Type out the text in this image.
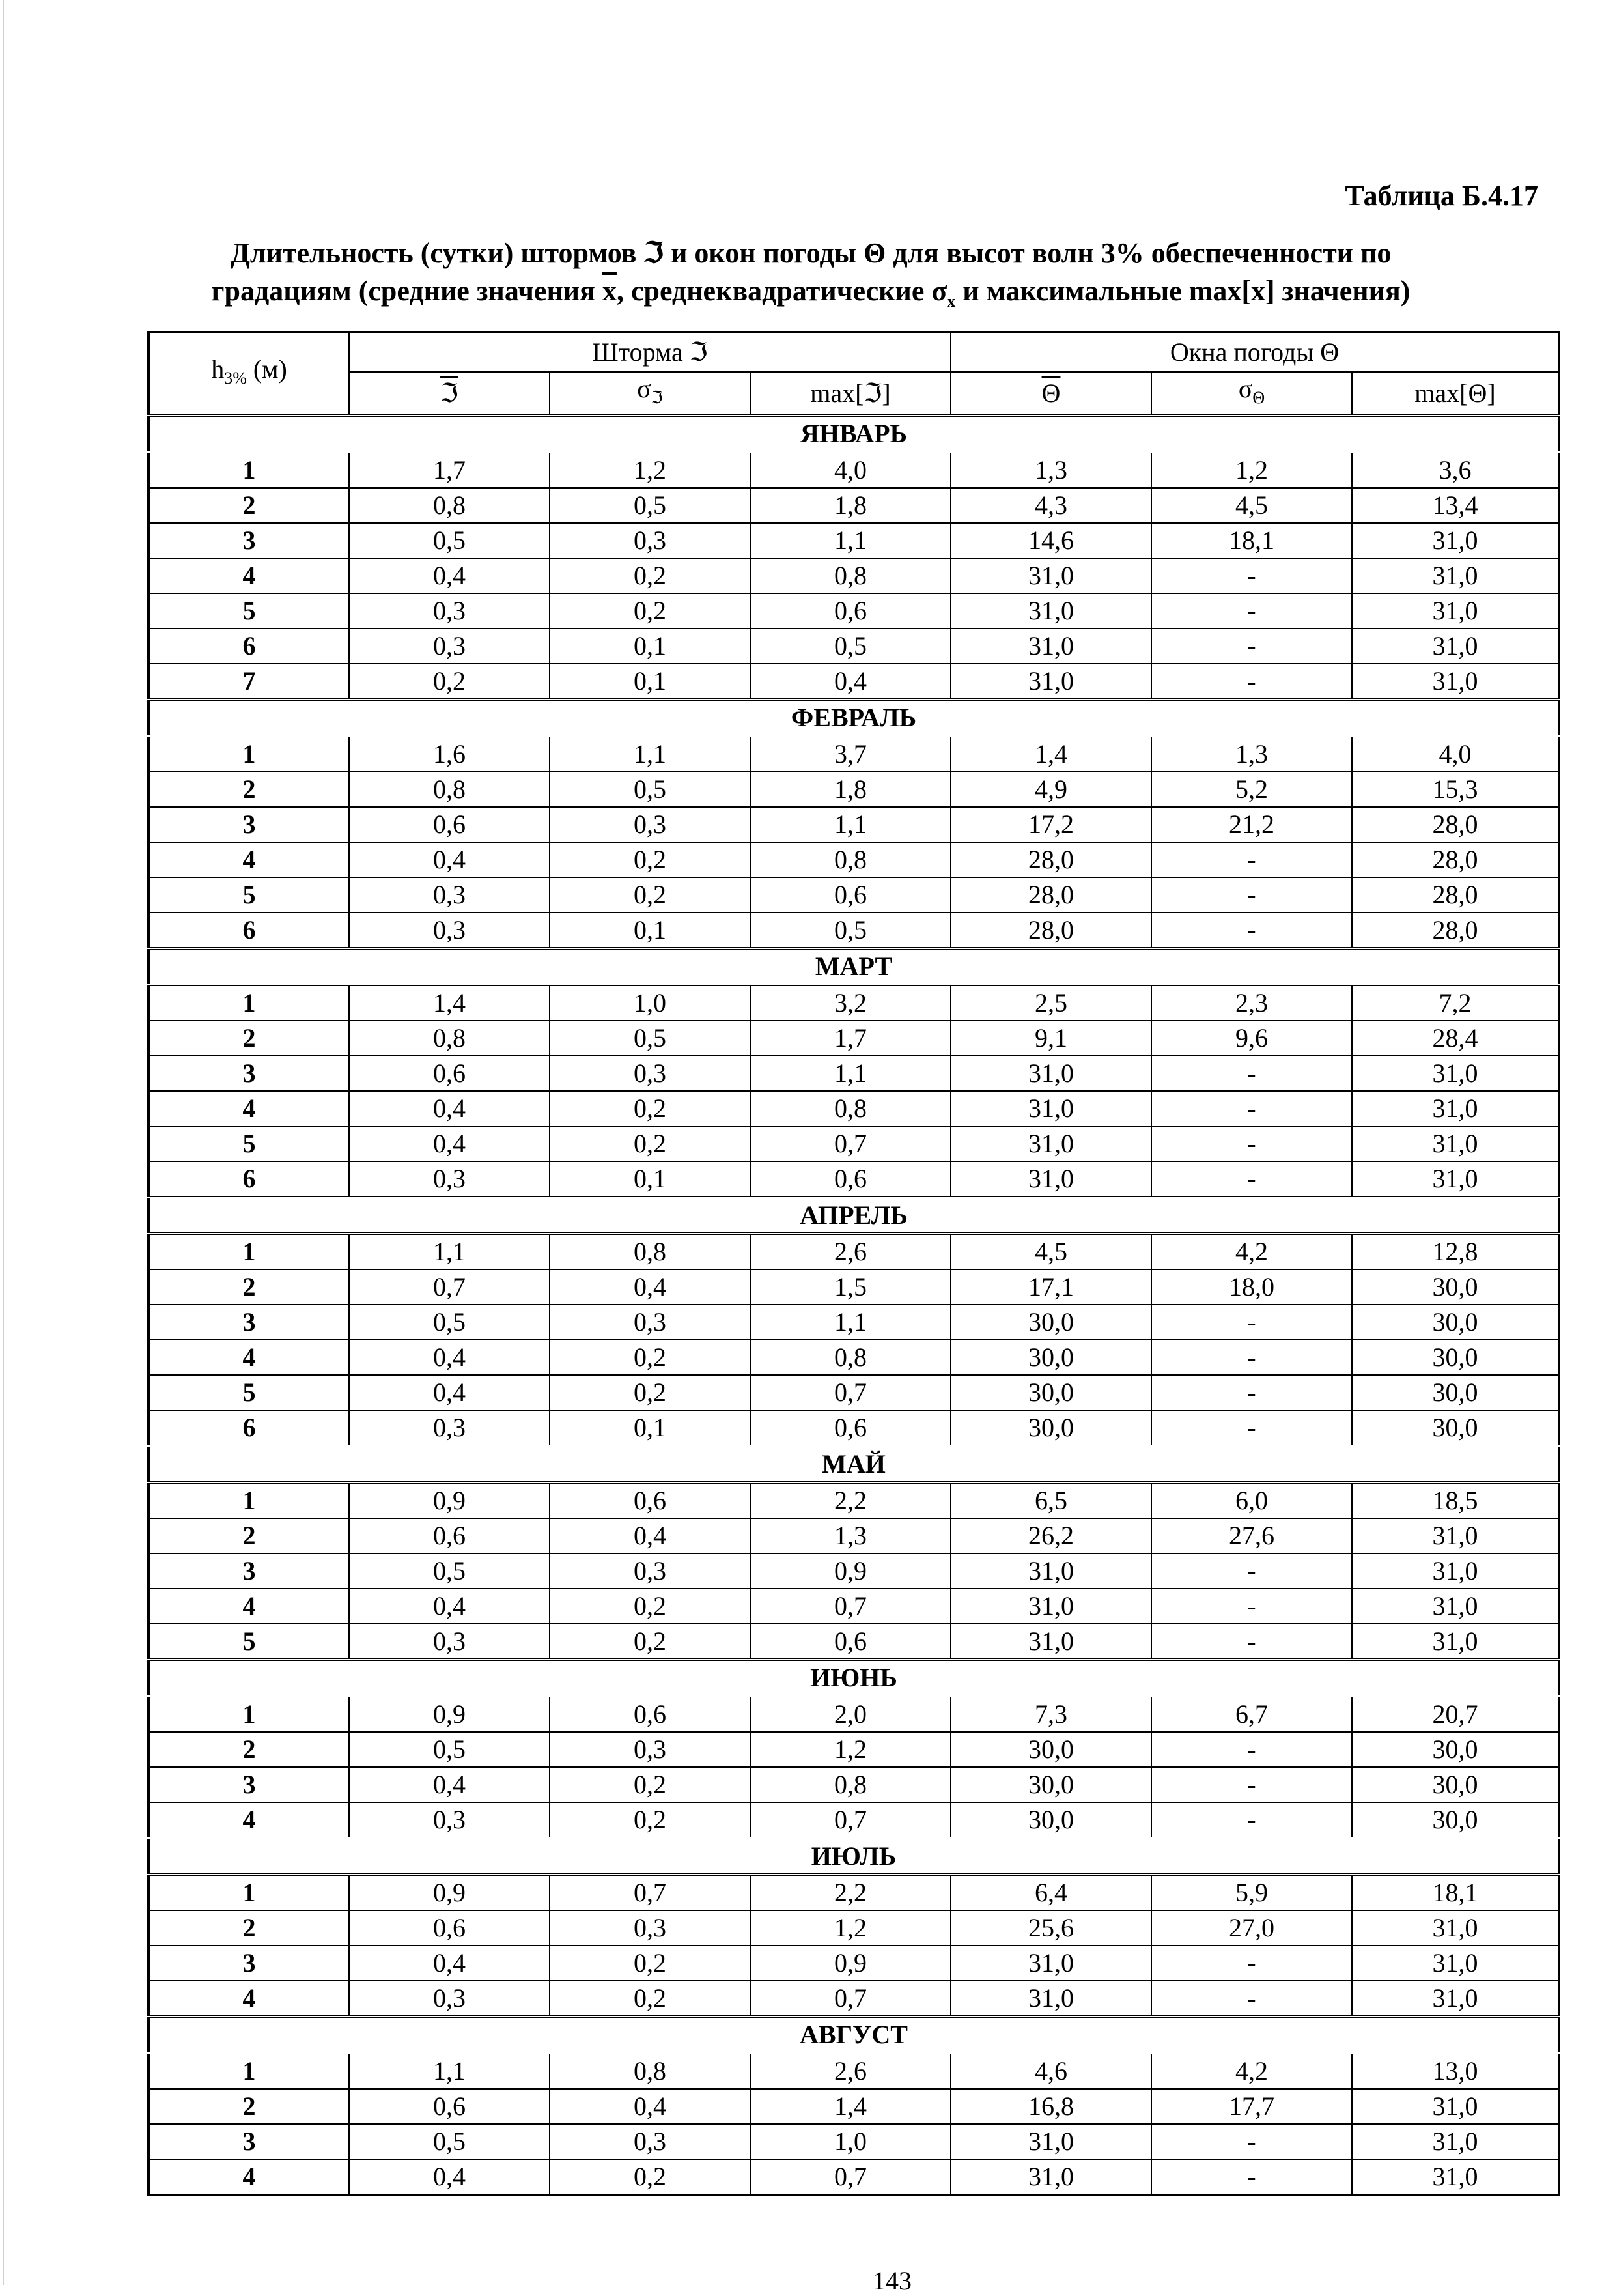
Таблица Б.4.17
Длительность (сутки) штормов ℑ и окон погоды Θ для высот волн 3% обеспеченности по
градациям (средние значения $\overline{x}$, среднеквадратические $\sigma_x$ и максимальные max[x] значения)
$h_{3\%}$ (м)	Шторма ℑ			Окна погоды Θ		
	ℑ	$\sigma_ℑ$	max[ℑ]	$\overline{\Theta}$	$\sigma_\Theta$	max[Θ]
ЯНВАРЬ						
1	1,7	1,2	4,0	1,3	1,2	3,6
2	0,8	0,5	1,8	4,3	4,5	13,4
3	0,5	0,3	1,1	14,6	18,1	31,0
4	0,4	0,2	0,8	31,0	-	31,0
5	0,3	0,2	0,6	31,0	-	31,0
6	0,3	0,1	0,5	31,0	-	31,0
7	0,2	0,1	0,4	31,0	-	31,0
ФЕВРАЛЬ						
1	1,6	1,1	3,7	1,4	1,3	4,0
2	0,8	0,5	1,8	4,9	5,2	15,3
3	0,6	0,3	1,1	17,2	21,2	28,0
4	0,4	0,2	0,8	28,0	-	28,0
5	0,3	0,2	0,6	28,0	-	28,0
6	0,3	0,1	0,5	28,0	-	28,0
МАРТ						
1	1,4	1,0	3,2	2,5	2,3	7,2
2	0,8	0,5	1,7	9,1	9,6	28,4
3	0,6	0,3	1,1	31,0	-	31,0
4	0,4	0,2	0,8	31,0	-	31,0
5	0,4	0,2	0,7	31,0	-	31,0
6	0,3	0,1	0,6	31,0	-	31,0
АПРЕЛЬ						
1	1,1	0,8	2,6	4,5	4,2	12,8
2	0,7	0,4	1,5	17,1	18,0	30,0
3	0,5	0,3	1,1	30,0	-	30,0
4	0,4	0,2	0,8	30,0	-	30,0
5	0,4	0,2	0,7	30,0	-	30,0
6	0,3	0,1	0,6	30,0	-	30,0
МАЙ						
1	0,9	0,6	2,2	6,5	6,0	18,5
2	0,6	0,4	1,3	26,2	27,6	31,0
3	0,5	0,3	0,9	31,0	-	31,0
4	0,4	0,2	0,7	31,0	-	31,0
5	0,3	0,2	0,6	31,0	-	31,0
ИЮНЬ						
1	0,9	0,6	2,0	7,3	6,7	20,7
2	0,5	0,3	1,2	30,0	-	30,0
3	0,4	0,2	0,8	30,0	-	30,0
4	0,3	0,2	0,7	30,0	-	30,0
ИЮЛЬ						
1	0,9	0,7	2,2	6,4	5,9	18,1
2	0,6	0,3	1,2	25,6	27,0	31,0
3	0,4	0,2	0,9	31,0	-	31,0
4	0,3	0,2	0,7	31,0	-	31,0
АВГУСТ						
1	1,1	0,8	2,6	4,6	4,2	13,0
2	0,6	0,4	1,4	16,8	17,7	31,0
3	0,5	0,3	1,0	31,0	-	31,0
4	0,4	0,2	0,7	31,0	-	31,0
143
